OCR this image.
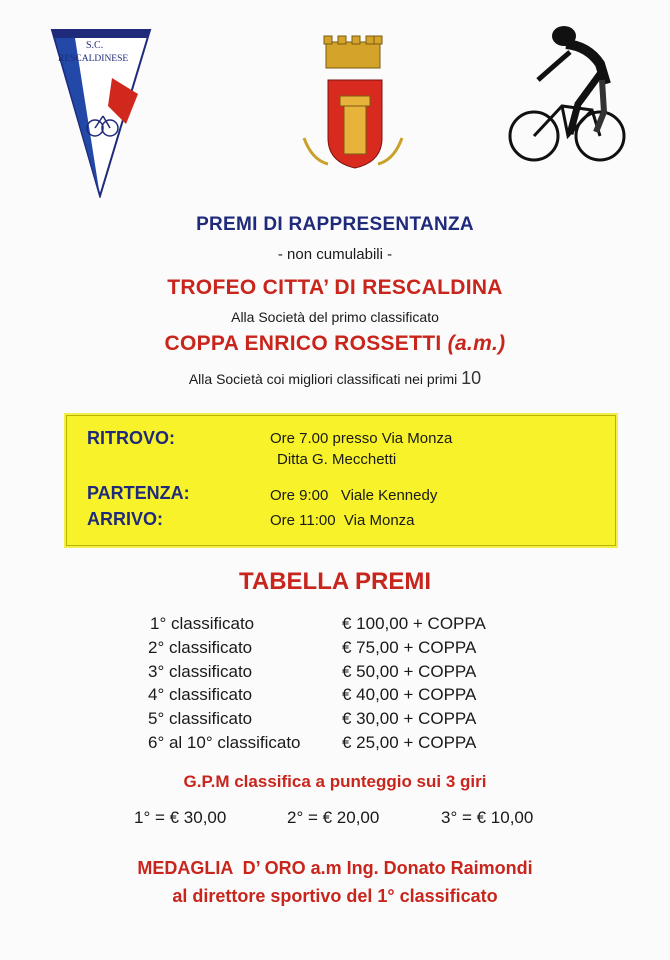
S.C.
RESCALDINESE
PREMI DI RAPPRESENTANZA
- non cumulabili -
TROFEO CITTA’ DI RESCALDINA
Alla Società del primo classificato
COPPA ENRICO ROSSETTI (a.m.)
Alla Società coi migliori classificati nei primi 10
RITROVO:	Ore 7.00 presso Via Monza
Ditta G. Mecchetti
PARTENZA:	Ore 9:00   Viale Kennedy
ARRIVO:	Ore 11:00  Via Monza
TABELLA PREMI
1° classificato	€ 100,00 + COPPA
2° classificato	€ 75,00 + COPPA
3° classificato	€ 50,00 + COPPA
4° classificato	€ 40,00 + COPPA
5° classificato	€ 30,00 + COPPA
6° al 10° classificato € 25,00 + COPPA
G.P.M classifica a punteggio sui 3 giri
1° = € 30,00	2° = € 20,00	3° = € 10,00
MEDAGLIA  D’ ORO a.m Ing. Donato Raimondi
al direttore sportivo del 1° classificato
